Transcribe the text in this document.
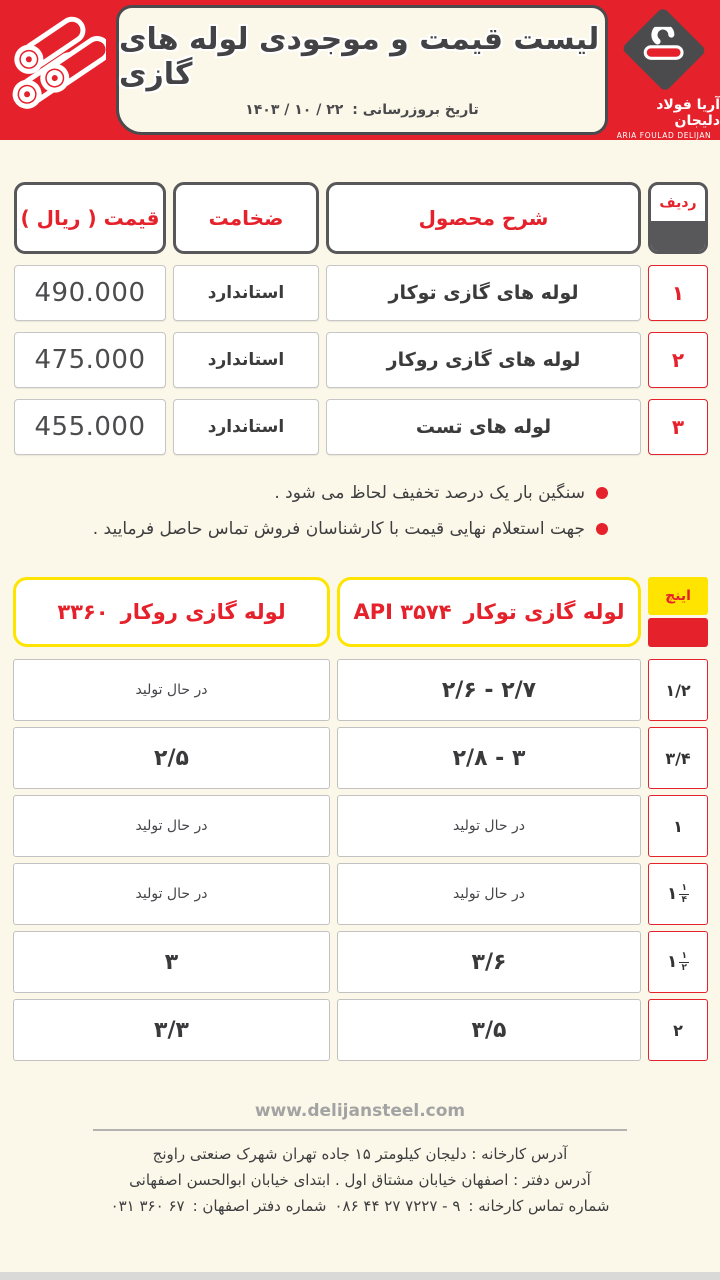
لیست قیمت و موجودی لوله های گازی
۱۴۰۳ / ۱۰ / ۲۲ تاریخ بروزرسانی :	آریا فولاد دلیجان
ARIA FOULAD DELIJAN
ردیف
شرح محصول
ضخامت
قیمت ( ریال )
۱
لوله های گازی توکار
استاندارد
490.000
۲
لوله های گازی روکار
استاندارد
475.000
۳
لوله های تست
استاندارد
455.000
سنگین بار یک درصد تخفیف لحاظ می شود .
جهت استعلام نهایی قیمت با کارشناسان فروش تماس حاصل فرمایید .
اینچ
API ۳۵۷۴ لوله گازی توکار
۳۳۶۰ لوله گازی روکار
۱/۲
۲/۶ - ۲/۷
در حال تولید
۳/۴
۲/۸ - ۳
۲/۵
۱
در حال تولید
در حال تولید
۱ $\frac{۱}{۴}$
در حال تولید
در حال تولید
۱ $\frac{۱}{۲}$
۳/۶
۳
۲
۳/۵
۳/۳
www.delijansteel.com
آدرس کارخانه : دلیجان کیلومتر ۱۵ جاده تهران شهرک صنعتی راونج
آدرس دفتر : اصفهان خیابان مشتاق اول . ابتدای خیابان ابوالحسن اصفهانی
۰۳۱ ۳۶۰ ۶۷ شماره دفتر اصفهان : ۰۸۶ ۴۴ ۲۷ ۷۲۲۷ - ۹ شماره تماس کارخانه :
